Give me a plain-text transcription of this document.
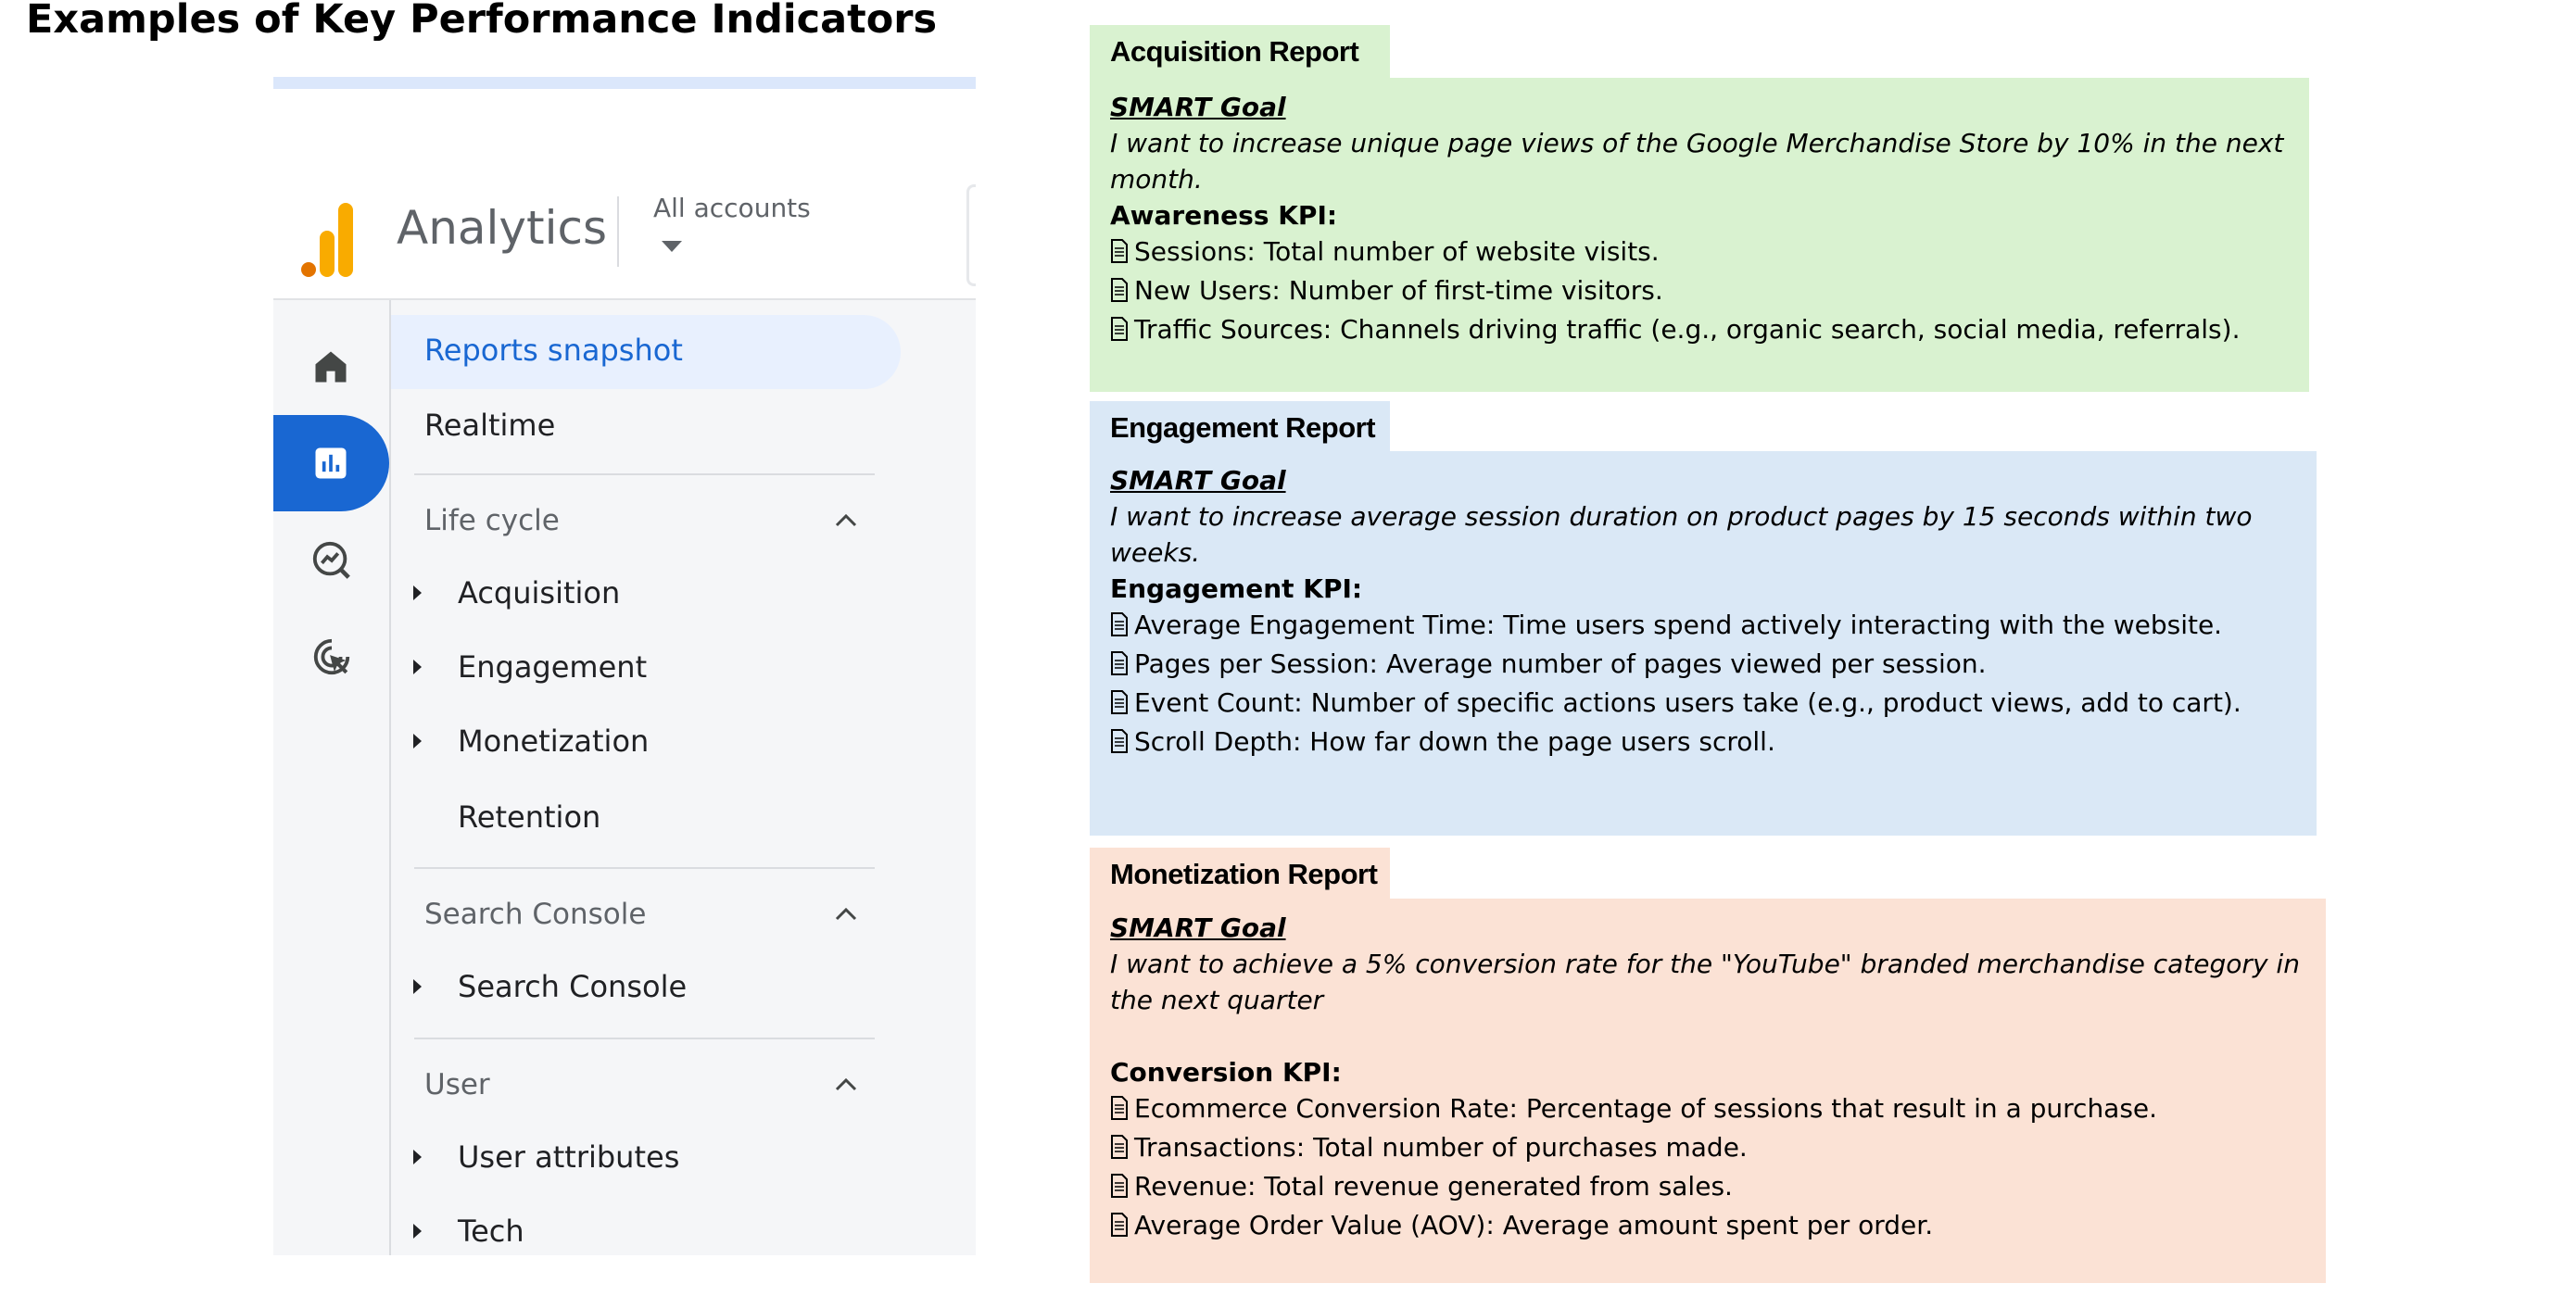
Examples of Key Performance Indicators
Analytics All accounts
Reports snapshot
Realtime
Life cycle
Acquisition
Engagement
Monetization
Retention
Search Console
Search Console
User
User attributes
Tech
Acquisition Report
SMART Goal
I want to increase unique page views of the Google Merchandise Store by 10% in the next
month.
Awareness KPI:
Sessions: Total number of website visits.
New Users: Number of first-time visitors.
Traffic Sources: Channels driving traffic (e.g., organic search, social media, referrals).
Engagement Report
SMART Goal
I want to increase average session duration on product pages by 15 seconds within two
weeks.
Engagement KPI:
Average Engagement Time: Time users spend actively interacting with the website.
Pages per Session: Average number of pages viewed per session.
Event Count: Number of specific actions users take (e.g., product views, add to cart).
Scroll Depth: How far down the page users scroll.
Monetization Report
SMART Goal
I want to achieve a 5% conversion rate for the "YouTube" branded merchandise category in
the next quarter
Conversion KPI:
Ecommerce Conversion Rate: Percentage of sessions that result in a purchase.
Transactions: Total number of purchases made.
Revenue: Total revenue generated from sales.
Average Order Value (AOV): Average amount spent per order.
